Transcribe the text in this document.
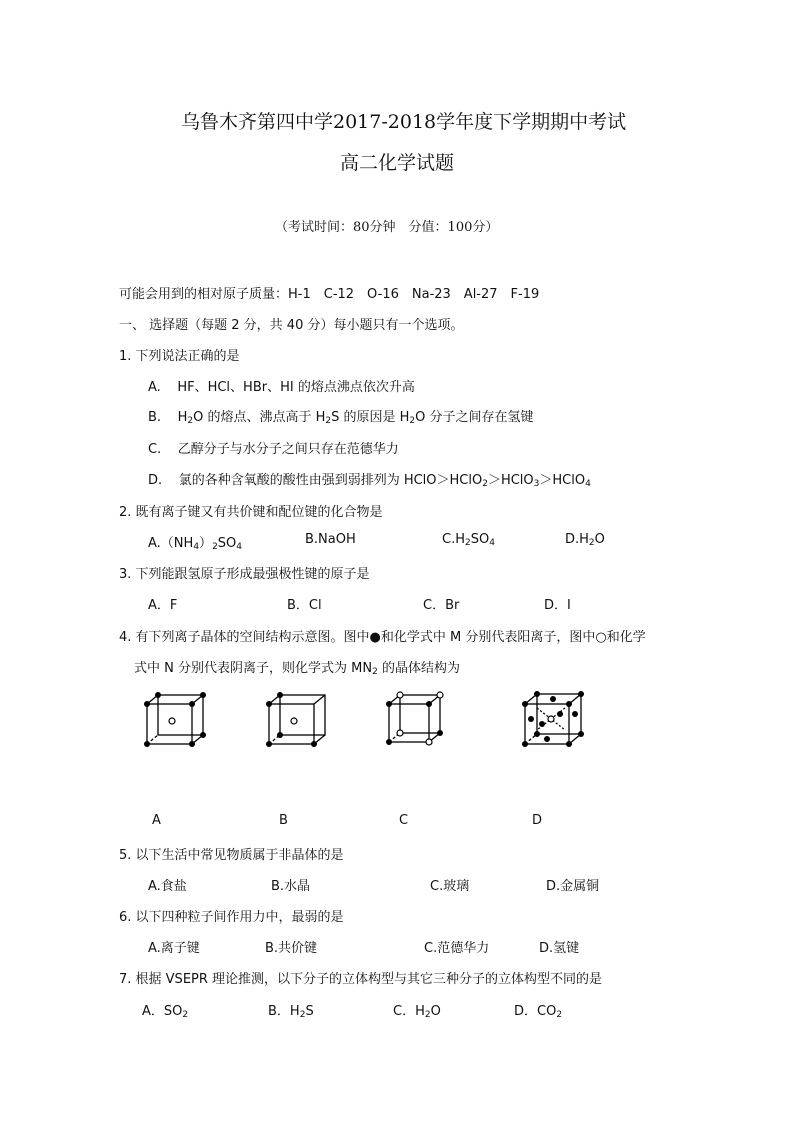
乌鲁木齐第四中学2017-2018学年度下学期期中考试
高二化学试题
（考试时间：80分钟　分值：100分）
可能会用到的相对原子质量：H-1　C-12　O-16　Na-23　Al-27　F-19
一、 选择题（每题 2 分，共 40 分）每小题只有一个选项。
1. 下列说法正确的是
A. HF、HCl、HBr、HI 的熔点沸点依次升高
B. $H_2O$ 的熔点、沸点高于 $H_2S$ 的原因是 $H_2O$ 分子之间存在氢键
C. 乙醇分子与水分子之间只存在范德华力
D. 氯的各种含氧酸的酸性由强到弱排列为 HClO＞HClO$_2$＞HClO$_3$＞HClO$_4$
2. 既有离子键又有共价键和配位键的化合物是
$A.(NH_4)_2SO_4$	B.NaOH	$C.H_2SO_4$	$D.H_2O$
3. 下列能跟氢原子形成最强极性键的原子是
A．F	B．Cl	C．Br	D．I
4. 有下列离子晶体的空间结构示意图。图中●和化学式中 M 分别代表阳离子，图中○和化学
式中 N 分别代表阴离子，则化学式为 $MN_2$ 的晶体结构为
A	B	C	D
5. 以下生活中常见物质属于非晶体的是
A.食盐	B.水晶	C.玻璃	D.金属铜
6. 以下四种粒子间作用力中，最弱的是
A.离子键	B.共价键	C.范德华力	D.氢键
7. 根据 VSEPR 理论推测，以下分子的立体构型与其它三种分子的立体构型不同的是
A．$SO_2$	B．$H_2S$	C．$H_2O$	D．$CO_2$
